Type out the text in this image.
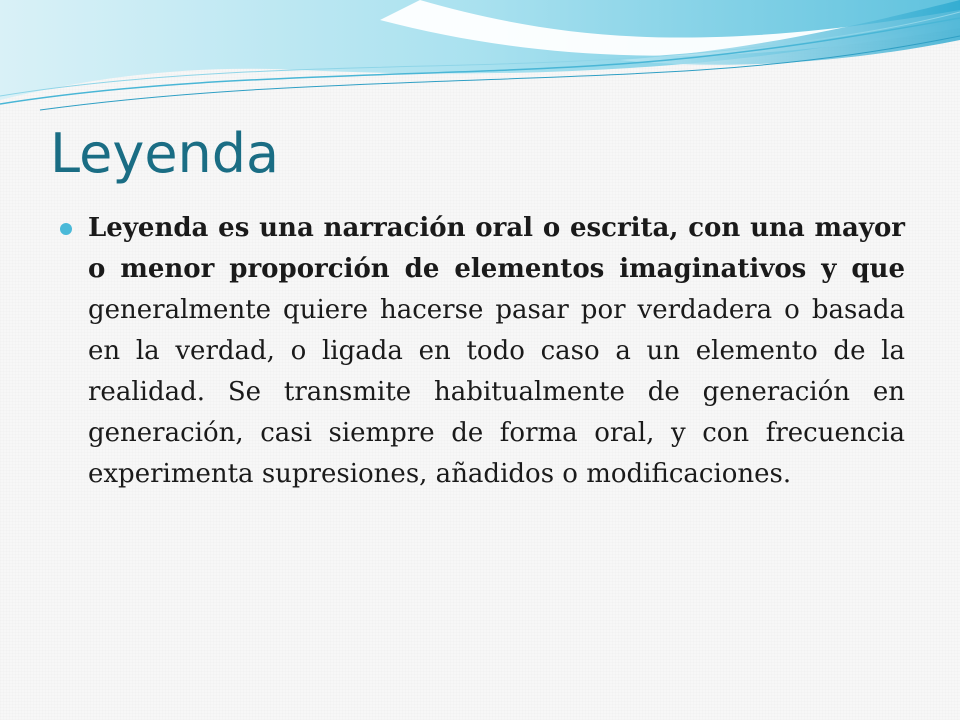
Leyenda
Leyenda es una narración oral o escrita, con una mayor o menor proporción de elementos imaginativos y que generalmente quiere hacerse pasar por verdadera o basada en la verdad, o ligada en todo caso a un elemento de la realidad. Se transmite habitualmente de generación en generación, casi siempre de forma oral, y con frecuencia experimenta supresiones, añadidos o modificaciones.
